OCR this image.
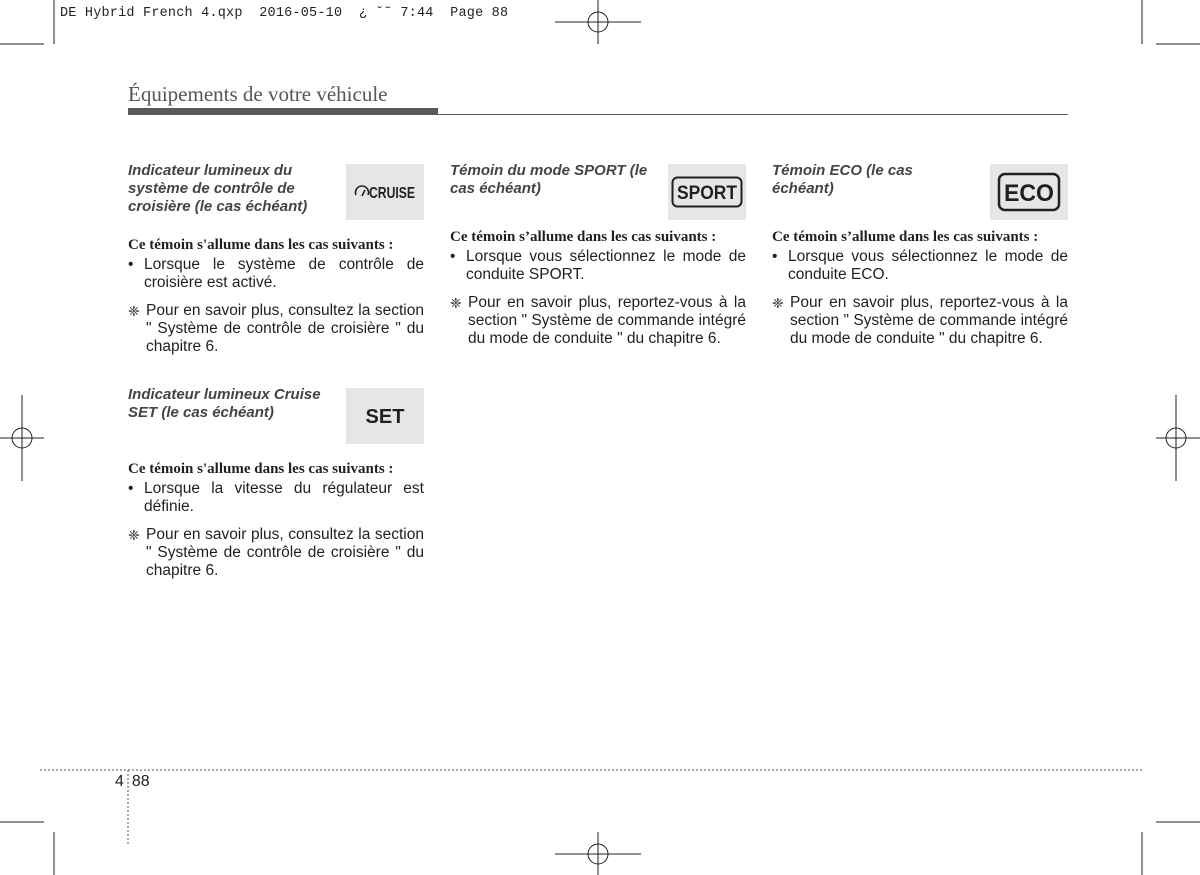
DE Hybrid French 4.qxp  2016-05-10  ¿ ˘˜ 7:44  Page 88
Équipements de votre véhicule
Indicateur lumineux du système de contrôle de croisière (le cas échéant)
CRUISE
Ce témoin s'allume dans les cas suivants :
• Lorsque le système de contrôle de croisière est activé.
❈ Pour en savoir plus, consultez la section " Système de contrôle de croisière " du chapitre 6.
Indicateur lumineux Cruise SET (le cas échéant)	SET
Ce témoin s'allume dans les cas suivants :
• Lorsque la vitesse du régulateur est définie.
❈ Pour en savoir plus, consultez la section " Système de contrôle de croisière " du chapitre 6.
Témoin du mode SPORT (le cas échéant)	SPORT
Ce témoin s’allume dans les cas suivants :
• Lorsque vous sélectionnez le mode de conduite SPORT.
❈ Pour en savoir plus, reportez-vous à la section " Système de commande intégré du mode de conduite " du chapitre 6.
Témoin ECO (le cas échéant)	ECO
Ce témoin s’allume dans les cas suivants :
• Lorsque vous sélectionnez le mode de conduite ECO.
❈ Pour en savoir plus, reportez-vous à la section " Système de commande intégré du mode de conduite " du chapitre 6.
4 88
